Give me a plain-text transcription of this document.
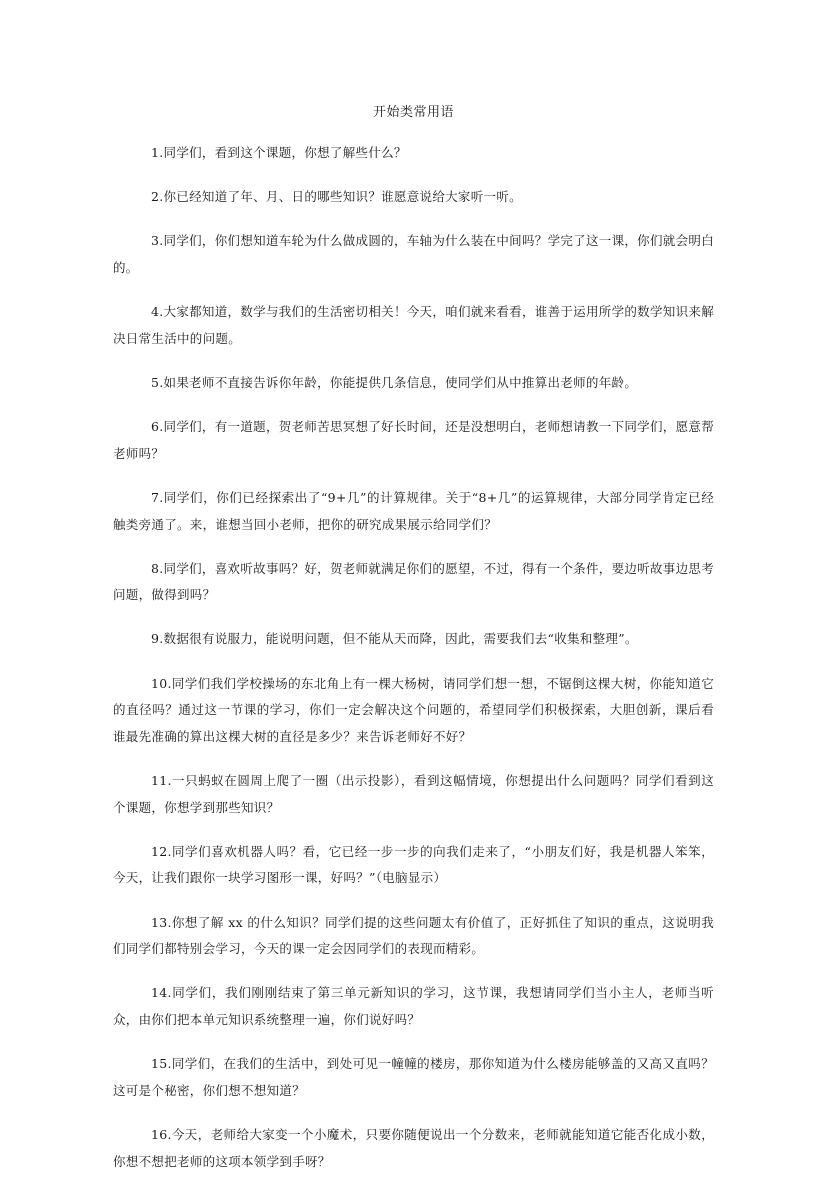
开始类常用语

1.同学们，看到这个课题，你想了解些什么？

2.你已经知道了年、月、日的哪些知识？谁愿意说给大家听一听。

3.同学们，你们想知道车轮为什么做成圆的，车轴为什么装在中间吗？学完了这一课，你们就会明白的。

4.大家都知道，数学与我们的生活密切相关！今天，咱们就来看看，谁善于运用所学的数学知识来解决日常生活中的问题。

5.如果老师不直接告诉你年龄，你能提供几条信息，使同学们从中推算出老师的年龄。

6.同学们，有一道题，贺老师苦思冥想了好长时间，还是没想明白，老师想请教一下同学们，愿意帮老师吗？

7.同学们，你们已经探索出了“9+几”的计算规律。关于“8+几”的运算规律，大部分同学肯定已经触类旁通了。来，谁想当回小老师，把你的研究成果展示给同学们？

8.同学们，喜欢听故事吗？好，贺老师就满足你们的愿望，不过，得有一个条件，要边听故事边思考问题，做得到吗？

9.数据很有说服力，能说明问题，但不能从天而降，因此，需要我们去“收集和整理”。

10.同学们我们学校操场的东北角上有一棵大杨树，请同学们想一想，不锯倒这棵大树，你能知道它的直径吗？通过这一节课的学习，你们一定会解决这个问题的，希望同学们积极探索，大胆创新，课后看谁最先准确的算出这棵大树的直径是多少？来告诉老师好不好？

11.一只蚂蚁在圆周上爬了一圈（出示投影），看到这幅情境，你想提出什么问题吗？同学们看到这个课题，你想学到那些知识？

12.同学们喜欢机器人吗？看，它已经一步一步的向我们走来了，“小朋友们好，我是机器人笨笨，今天，让我们跟你一块学习图形一课，好吗？”（电脑显示）

13.你想了解 xx 的什么知识？同学们提的这些问题太有价值了，正好抓住了知识的重点，这说明我们同学们都特别会学习，今天的课一定会因同学们的表现而精彩。

14.同学们，我们刚刚结束了第三单元新知识的学习，这节课，我想请同学们当小主人，老师当听众，由你们把本单元知识系统整理一遍，你们说好吗？

15.同学们，在我们的生活中，到处可见一幢幢的楼房，那你知道为什么楼房能够盖的又高又直吗？这可是个秘密，你们想不想知道？

16.今天，老师给大家变一个小魔术，只要你随便说出一个分数来，老师就能知道它能否化成小数，你想不想把老师的这项本领学到手呀？
